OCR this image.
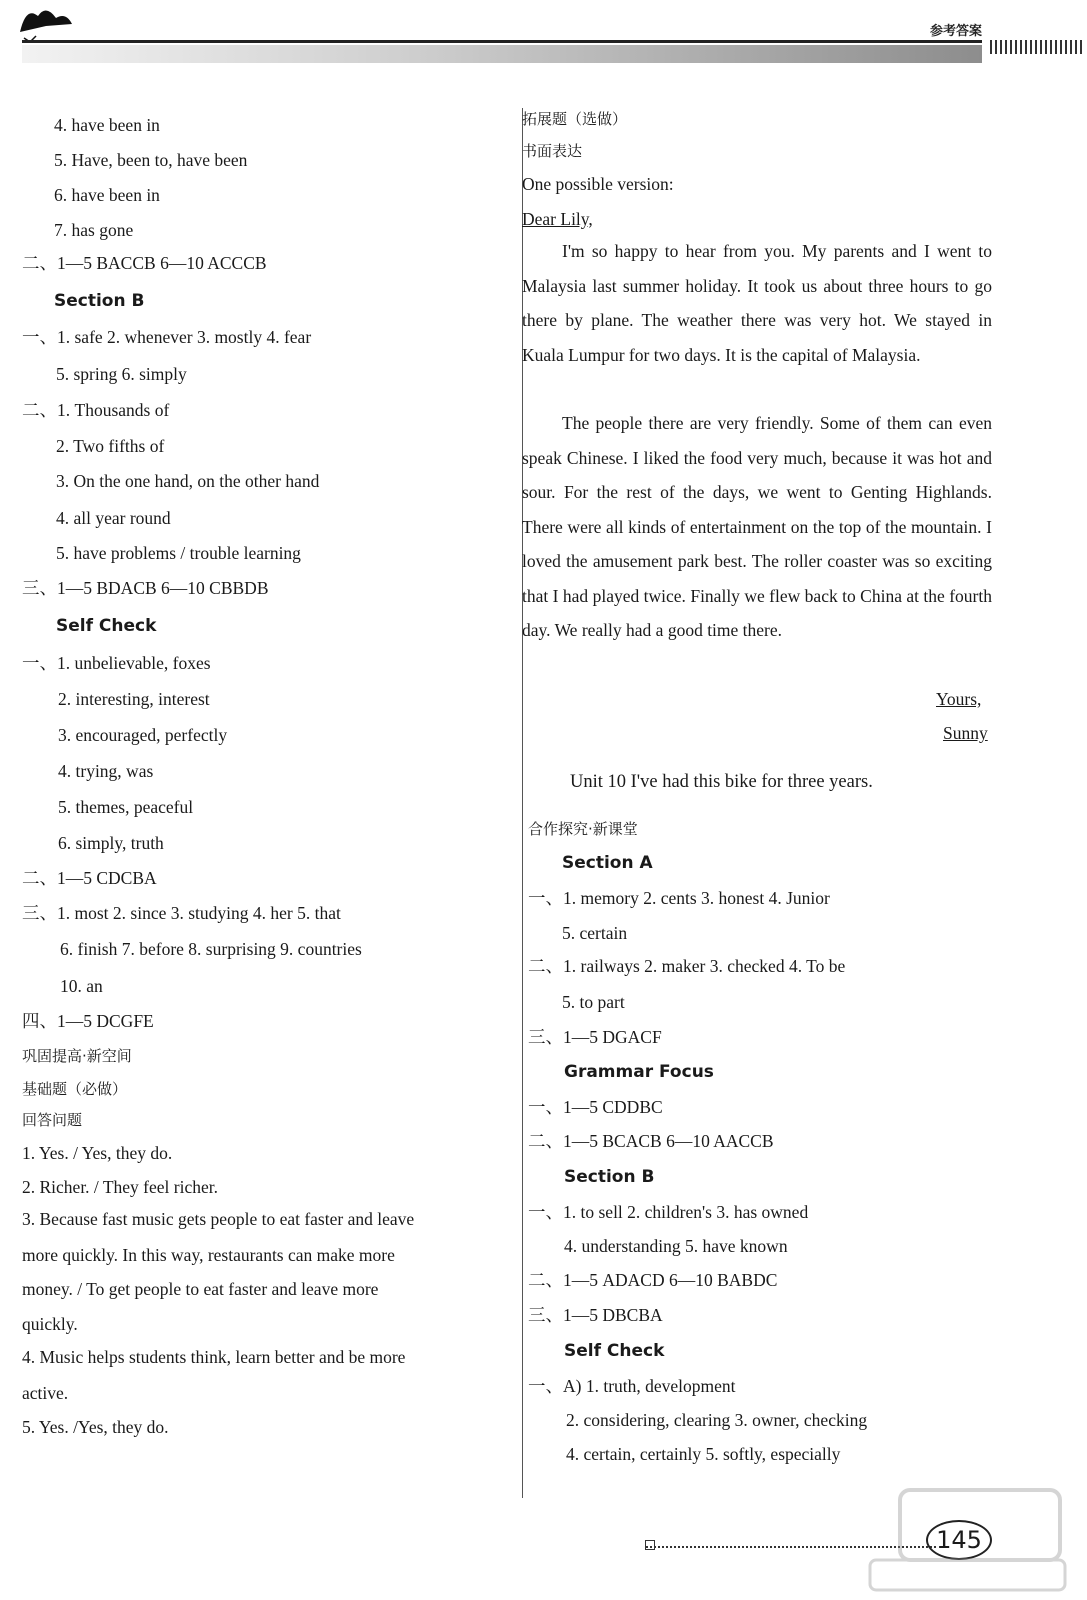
参考答案
4. have been in
5. Have, been to, have been
6. have been in
7. has gone
二、1—5 BACCB 6—10 ACCCB
Section B
一、1. safe 2. whenever 3. mostly 4. fear
5. spring 6. simply
二、1. Thousands of
2. Two fifths of
3. On the one hand, on the other hand
4. all year round
5. have problems / trouble learning
三、1—5 BDACB 6—10 CBBDB
Self Check
一、1. unbelievable, foxes
2. interesting, interest
3. encouraged, perfectly
4. trying, was
5. themes, peaceful
6. simply, truth
二、1—5 CDCBA
三、1. most 2. since 3. studying 4. her 5. that
6. finish 7. before 8. surprising 9. countries
10. an
四、1—5 DCGFE
巩固提高·新空间
基础题（必做）
回答问题
1. Yes. / Yes, they do.
2. Richer. / They feel richer.
3. Because fast music gets people to eat faster and leave
more quickly. In this way, restaurants can make more
money. / To get people to eat faster and leave more
quickly.
4. Music helps students think, learn better and be more
active.
5. Yes. /Yes, they do.
拓展题（选做）
书面表达
One possible version:
Dear Lily,
I'm so happy to hear from you. My parents and I went to Malaysia last summer holiday. It took us about three hours to go there by plane. The weather there was very hot. We stayed in Kuala Lumpur for two days. It is the capital of Malaysia.
The people there are very friendly. Some of them can even speak Chinese. I liked the food very much, because it was hot and sour. For the rest of the days, we went to Genting Highlands. There were all kinds of entertainment on the top of the mountain. I loved the amusement park best. The roller coaster was so exciting that I had played twice. Finally we flew back to China at the fourth day. We really had a good time there.
Yours,
Sunny
Unit 10 I've had this bike for three years.
合作探究·新课堂
Section A
一、1. memory 2. cents 3. honest 4. Junior
5. certain
二、1. railways 2. maker 3. checked 4. To be
5. to part
三、1—5 DGACF
Grammar Focus
一、1—5 CDDBC
二、1—5 BCACB 6—10 AACCB
Section B
一、1. to sell 2. children's 3. has owned
4. understanding 5. have known
二、1—5 ADACD 6—10 BABDC
三、1—5 DBCBA
Self Check
一、A) 1. truth, development
2. considering, clearing 3. owner, checking
4. certain, certainly 5. softly, especially
145
